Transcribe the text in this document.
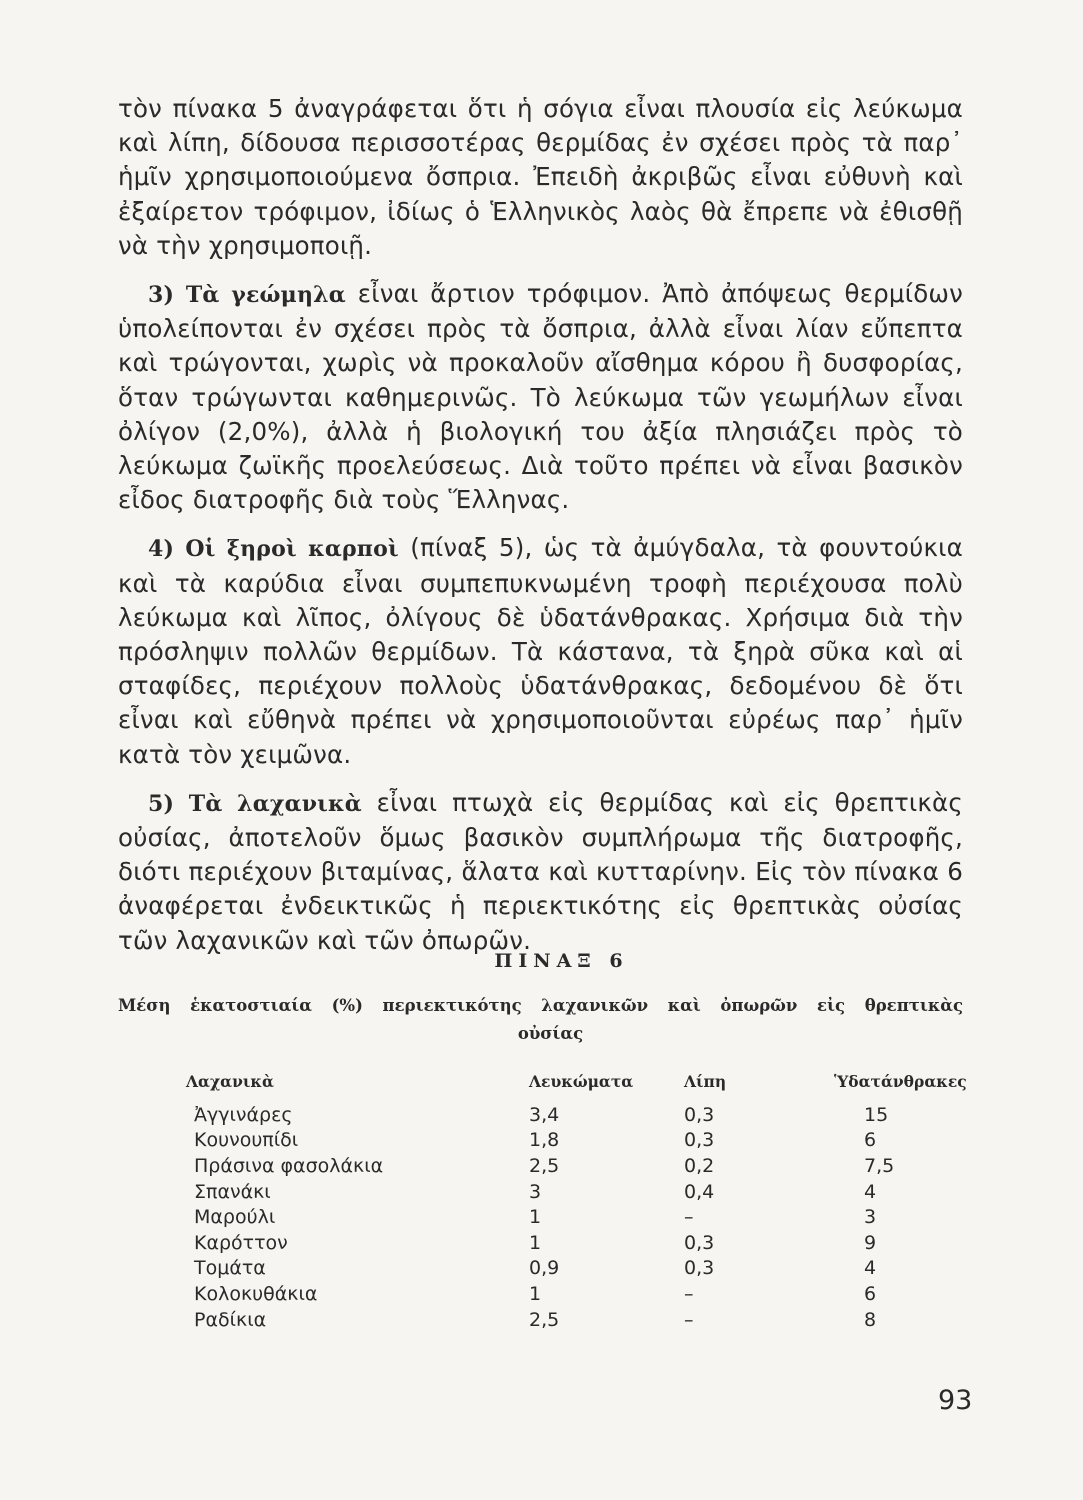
τὸν πίνακα 5 ἀναγράφεται ὅτι ἡ σόγια εἶναι πλουσία εἰς λεύκωμα καὶ λίπη, δίδουσα περισσοτέρας θερμίδας ἐν σχέσει πρὸς τὰ παρ᾿ ἡμῖν χρησιμοποιούμενα ὄσπρια. Ἐπειδὴ ἀκριβῶς εἶναι εὐθυνὴ καὶ ἐξαίρετον τρόφιμον, ἰδίως ὁ Ἑλληνικὸς λαὸς θὰ ἔπρεπε νὰ ἐθισθῇ νὰ τὴν χρησιμοποιῇ.

3) Τὰ γεώμηλα εἶναι ἄρτιον τρόφιμον. Ἀπὸ ἀπόψεως θερμίδων ὑπολείπονται ἐν σχέσει πρὸς τὰ ὄσπρια, ἀλλὰ εἶναι λίαν εὔπεπτα καὶ τρώγονται, χωρὶς νὰ προκαλοῦν αἴσθημα κόρου ἢ δυσφορίας, ὅταν τρώγωνται καθημερινῶς. Τὸ λεύκωμα τῶν γεωμήλων εἶναι ὀλίγον (2,0%), ἀλλὰ ἡ βιολογική του ἀξία πλησιάζει πρὸς τὸ λεύκωμα ζωϊκῆς προελεύσεως. Διὰ τοῦτο πρέπει νὰ εἶναι βασικὸν εἶδος διατροφῆς διὰ τοὺς Ἕλληνας.

4) Οἱ ξηροὶ καρποὶ (πίναξ 5), ὡς τὰ ἀμύγδαλα, τὰ φουντούκια καὶ τὰ καρύδια εἶναι συμπεπυκνωμένη τροφὴ περιέχουσα πολὺ λεύκωμα καὶ λῖπος, ὀλίγους δὲ ὑδατάνθρακας. Χρήσιμα διὰ τὴν πρόσληψιν πολλῶν θερμίδων. Τὰ κάστανα, τὰ ξηρὰ σῦκα καὶ αἱ σταφίδες, περιέχουν πολλοὺς ὑδατάνθρακας, δεδομένου δὲ ὅτι εἶναι καὶ εὔθηνὰ πρέπει νὰ χρησιμοποιοῦνται εὐρέως παρ᾿ ἡμῖν κατὰ τὸν χειμῶνα.

5) Τὰ λαχανικὰ εἶναι πτωχὰ εἰς θερμίδας καὶ εἰς θρεπτικὰς οὐσίας, ἀποτελοῦν ὅμως βασικὸν συμπλήρωμα τῆς διατροφῆς, διότι περιέχουν βιταμίνας, ἅλατα καὶ κυτταρίνην. Εἰς τὸν πίνακα 6 ἀναφέρεται ἐνδεικτικῶς ἡ περιεκτικότης εἰς θρεπτικὰς οὐσίας τῶν λαχανικῶν καὶ τῶν ὀπωρῶν.

ΠΙΝΑΞ 6
Μέση ἑκατοστιαία (%) περιεκτικότης λαχανικῶν καὶ ὀπωρῶν εἰς θρεπτικὰς
οὐσίας
Λαχανικὰ	Λευκώματα	Λίπη	Ὑδατάνθρακες
Ἀγγινάρες	3,4	0,3	15
Κουνουπίδι	1,8	0,3	6
Πράσινα φασολάκια	2,5	0,2	7,5
Σπανάκι	3	0,4	4
Μαρούλι	1	–	3
Καρόττον	1	0,3	9
Τομάτα	0,9	0,3	4
Κολοκυθάκια	1	–	6
Ραδίκια	2,5	–	8
93
